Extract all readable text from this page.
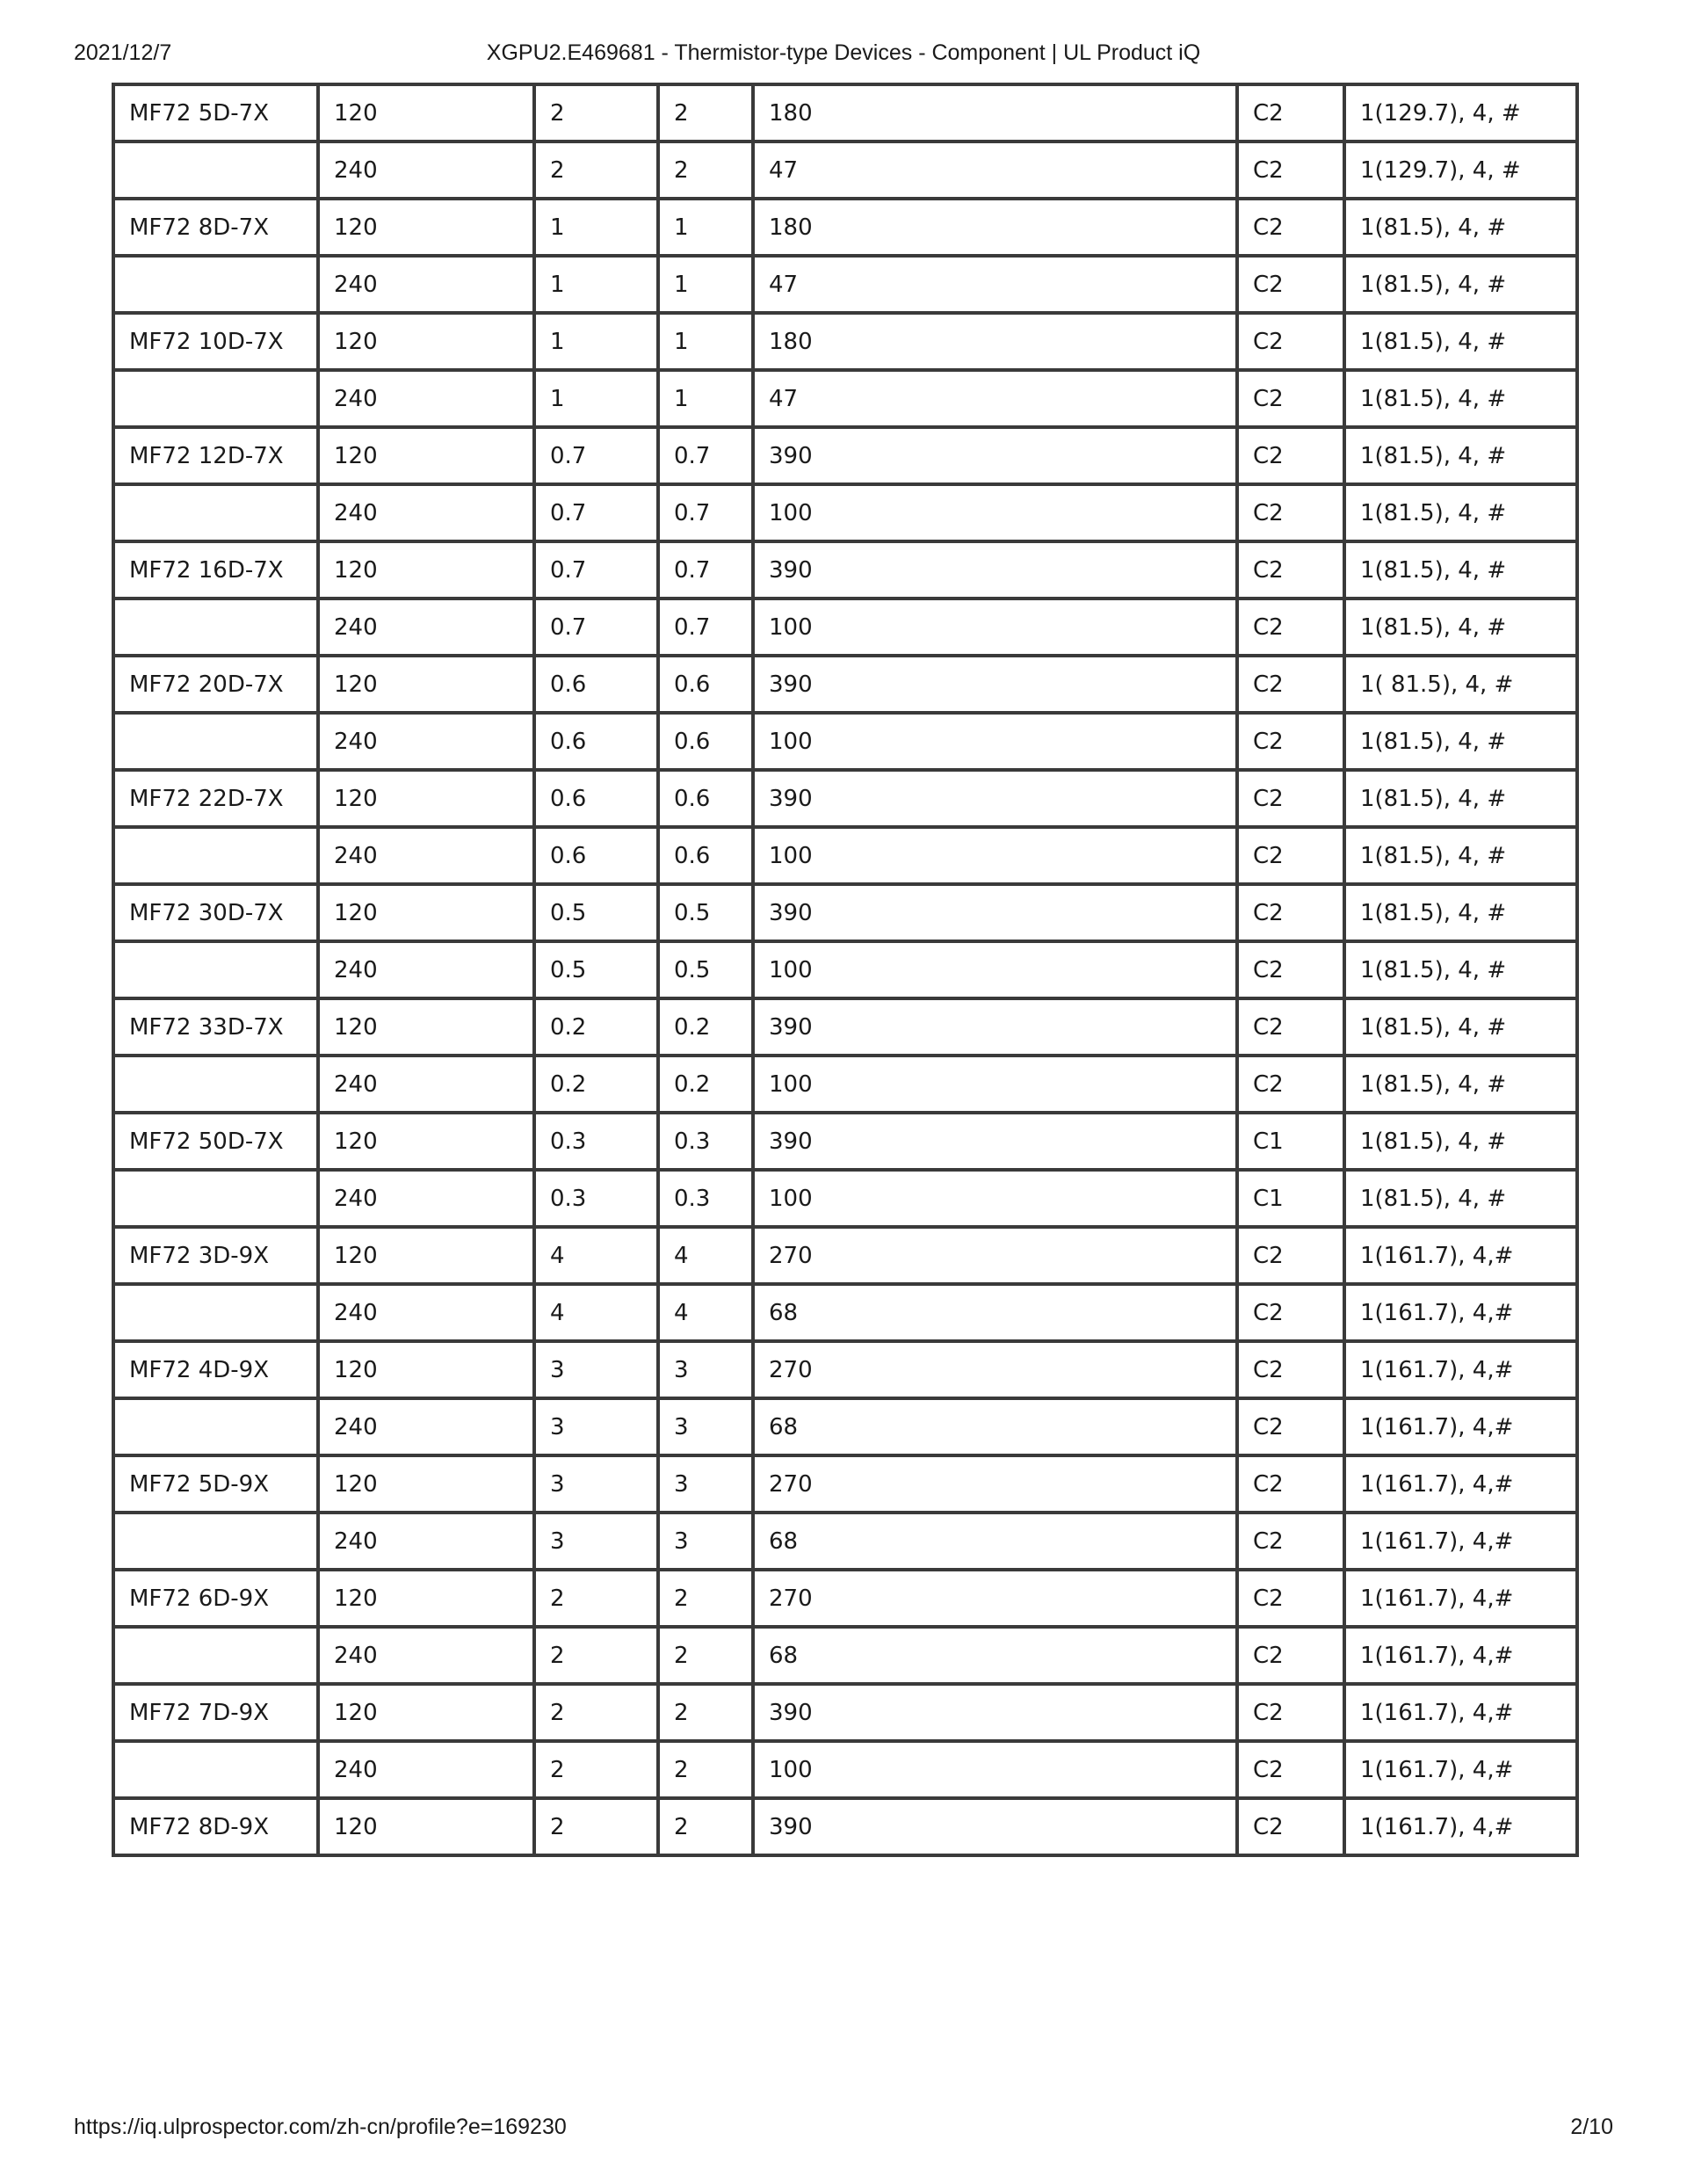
2021/12/7	XGPU2.E469681 - Thermistor-type Devices - Component | UL Product iQ
MF72 5D-7X	120	2	2	180	C2	1(129.7), 4, #
	240	2	2	47	C2	1(129.7), 4, #
MF72 8D-7X	120	1	1	180	C2	1(81.5), 4, #
	240	1	1	47	C2	1(81.5), 4, #
MF72 10D-7X	120	1	1	180	C2	1(81.5), 4, #
	240	1	1	47	C2	1(81.5), 4, #
MF72 12D-7X	120	0.7	0.7	390	C2	1(81.5), 4, #
	240	0.7	0.7	100	C2	1(81.5), 4, #
MF72 16D-7X	120	0.7	0.7	390	C2	1(81.5), 4, #
	240	0.7	0.7	100	C2	1(81.5), 4, #
MF72 20D-7X	120	0.6	0.6	390	C2	1( 81.5), 4, #
	240	0.6	0.6	100	C2	1(81.5), 4, #
MF72 22D-7X	120	0.6	0.6	390	C2	1(81.5), 4, #
	240	0.6	0.6	100	C2	1(81.5), 4, #
MF72 30D-7X	120	0.5	0.5	390	C2	1(81.5), 4, #
	240	0.5	0.5	100	C2	1(81.5), 4, #
MF72 33D-7X	120	0.2	0.2	390	C2	1(81.5), 4, #
	240	0.2	0.2	100	C2	1(81.5), 4, #
MF72 50D-7X	120	0.3	0.3	390	C1	1(81.5), 4, #
	240	0.3	0.3	100	C1	1(81.5), 4, #
MF72 3D-9X	120	4	4	270	C2	1(161.7), 4,#
	240	4	4	68	C2	1(161.7), 4,#
MF72 4D-9X	120	3	3	270	C2	1(161.7), 4,#
	240	3	3	68	C2	1(161.7), 4,#
MF72 5D-9X	120	3	3	270	C2	1(161.7), 4,#
	240	3	3	68	C2	1(161.7), 4,#
MF72 6D-9X	120	2	2	270	C2	1(161.7), 4,#
	240	2	2	68	C2	1(161.7), 4,#
MF72 7D-9X	120	2	2	390	C2	1(161.7), 4,#
	240	2	2	100	C2	1(161.7), 4,#
MF72 8D-9X	120	2	2	390	C2	1(161.7), 4,#
https://iq.ulprospector.com/zh-cn/profile?e=169230	2/10
